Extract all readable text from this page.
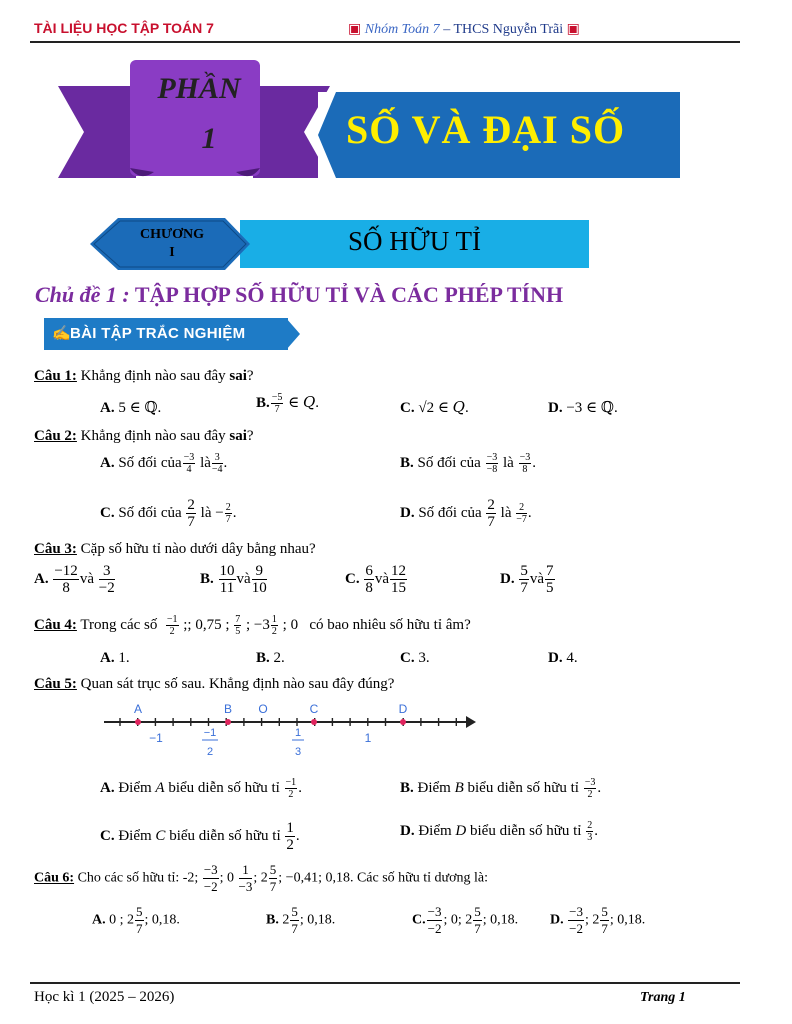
TÀI LIỆU HỌC TẬP TOÁN 7	▣ Nhóm Toán 7 – THCS Nguyễn Trãi ▣
PHẦN
1	SỐ VÀ ĐẠI SỐ
SỐ HỮU TỈ
CHƯƠNG
I
Chủ đề 1 : TẬP HỢP SỐ HỮU TỈ VÀ CÁC PHÉP TÍNH
✍ BÀI TẬP TRẮC NGHIỆM
Câu 1: Khẳng định nào sau đây sai?
A. 5 ∈ ℚ.	B. $\frac{-5}{7}$ ∈ 𝑄.	C. √2 ∈ 𝑄.	D. −3 ∈ ℚ.
Câu 2: Khẳng định nào sau đây sai?
A. Số đối của $\frac{-3}{4}$ là $\frac{3}{-4}$ .	B. Số đối của $\frac{-3}{-8}$ là $\frac{-3}{8}$ .
C. Số đối của $\frac{2}{7}$ là − $\frac{2}{7}$ .	D. Số đối của $\frac{2}{7}$ là $\frac{2}{-7}$ .
Câu 3: Cặp số hữu tỉ nào dưới dây bằng nhau?
A. $\frac{-12}{8}$ và $\frac{3}{-2}$	B. $\frac{10}{11}$ và $\frac{9}{10}$	C. $\frac{6}{8}$ và $\frac{12}{15}$	D. $\frac{5}{7}$ và $\frac{7}{5}$
Câu 4: Trong các số $\frac{-1}{2}$ ;; 0,75 ; $\frac{7}{5}$ ; $-3 \frac{1}{2}$ ; 0   có bao nhiêu số hữu tỉ âm?
A. 1.	B. 2.	C. 3.	D. 4.
Câu 5: Quan sát trục số sau. Khẳng định nào sau đây đúng?
A	B O	C	D
−1	−1
2
1
3
1
A. Điểm A biểu diễn số hữu tỉ $\frac{-1}{2}$ .	B. Điểm B biểu diễn số hữu tỉ $\frac{-3}{2}$ .
C. Điểm C biểu diễn số hữu tỉ $\frac{1}{2}$ .	D. Điểm D biểu diễn số hữu tỉ $\frac{2}{3}$ .
Câu 6: Cho các số hữu tỉ: -2; $\frac{-3}{-2}$ ; $0 \frac{1}{-3}$ ; $2 \frac{5}{7}$ ; −0,41; 0,18. Các số hữu tỉ dương là:
A. 0 ; $2 \frac{5}{7}$ ; 0,18.	B. $2 \frac{5}{7}$ ; 0,18.	C. $\frac{-3}{-2}$ ; 0; $2 \frac{5}{7}$ ; 0,18. D. $\frac{-3}{-2}$ ; $2 \frac{5}{7}$ ; 0,18.
Học kì 1 (2025 – 2026)	Trang 1
